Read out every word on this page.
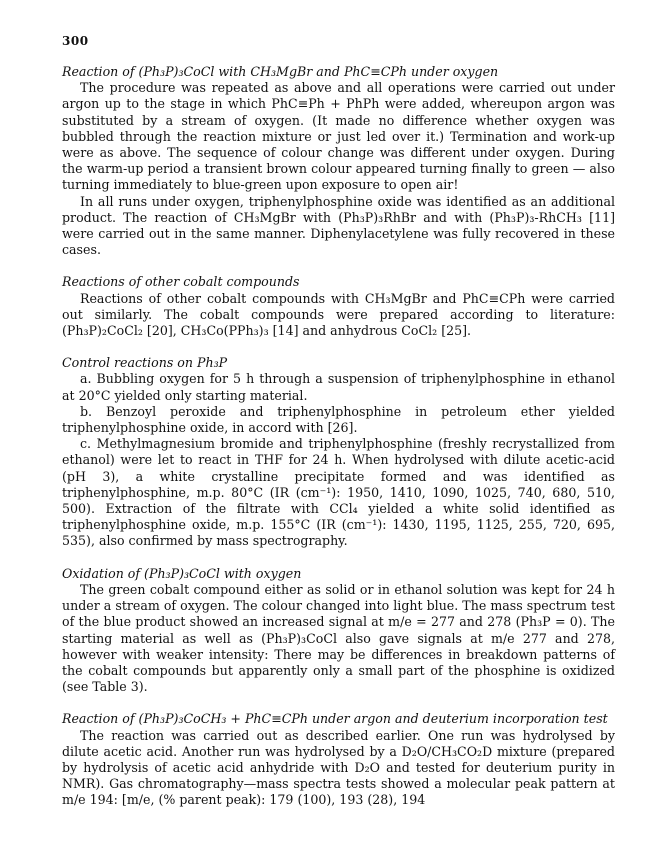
300

Reaction of (Ph₃P)₃CoCl with CH₃MgBr and PhC≡CPh under oxygen

The procedure was repeated as above and all operations were carried out under argon up to the stage in which PhC≡Ph + PhPh were added, whereupon argon was substituted by a stream of oxygen. (It made no difference whether oxygen was bubbled through the reaction mixture or just led over it.) Termination and work-up were as above. The sequence of colour change was different under oxygen. During the warm-up period a transient brown colour appeared turning finally to green — also turning immediately to blue-green upon exposure to open air!

In all runs under oxygen, triphenylphosphine oxide was identified as an additional product. The reaction of CH₃MgBr with (Ph₃P)₃RhBr and with (Ph₃P)₃-RhCH₃ [11] were carried out in the same manner. Diphenylacetylene was fully recovered in these cases.

Reactions of other cobalt compounds

Reactions of other cobalt compounds with CH₃MgBr and PhC≡CPh were carried out similarly. The cobalt compounds were prepared according to literature: (Ph₃P)₂CoCl₂ [20], CH₃Co(PPh₃)₃ [14] and anhydrous CoCl₂ [25].

Control reactions on Ph₃P

a. Bubbling oxygen for 5 h through a suspension of triphenylphosphine in ethanol at 20°C yielded only starting material.

b. Benzoyl peroxide and triphenylphosphine in petroleum ether yielded triphenylphosphine oxide, in accord with [26].

c. Methylmagnesium bromide and triphenylphosphine (freshly recrystallized from ethanol) were let to react in THF for 24 h. When hydrolysed with dilute acetic-acid (pH 3), a white crystalline precipitate formed and was identified as triphenylphosphine, m.p. 80°C (IR (cm⁻¹): 1950, 1410, 1090, 1025, 740, 680, 510, 500). Extraction of the filtrate with CCl₄ yielded a white solid identified as triphenylphosphine oxide, m.p. 155°C (IR (cm⁻¹): 1430, 1195, 1125, 255, 720, 695, 535), also confirmed by mass spectrography.

Oxidation of (Ph₃P)₃CoCl with oxygen

The green cobalt compound either as solid or in ethanol solution was kept for 24 h under a stream of oxygen. The colour changed into light blue. The mass spectrum test of the blue product showed an increased signal at m/e = 277 and 278 (Ph₃P = 0). The starting material as well as (Ph₃P)₃CoCl also gave signals at m/e 277 and 278, however with weaker intensity: There may be differences in breakdown patterns of the cobalt compounds but apparently only a small part of the phosphine is oxidized (see Table 3).

Reaction of (Ph₃P)₃CoCH₃ + PhC≡CPh under argon and deuterium incorporation test

The reaction was carried out as described earlier. One run was hydrolysed by dilute acetic acid. Another run was hydrolysed by a D₂O/CH₃CO₂D mixture (prepared by hydrolysis of acetic acid anhydride with D₂O and tested for deuterium purity in NMR). Gas chromatography—mass spectra tests showed a molecular peak pattern at m/e 194: [m/e, (% parent peak): 179 (100), 193 (28), 194
